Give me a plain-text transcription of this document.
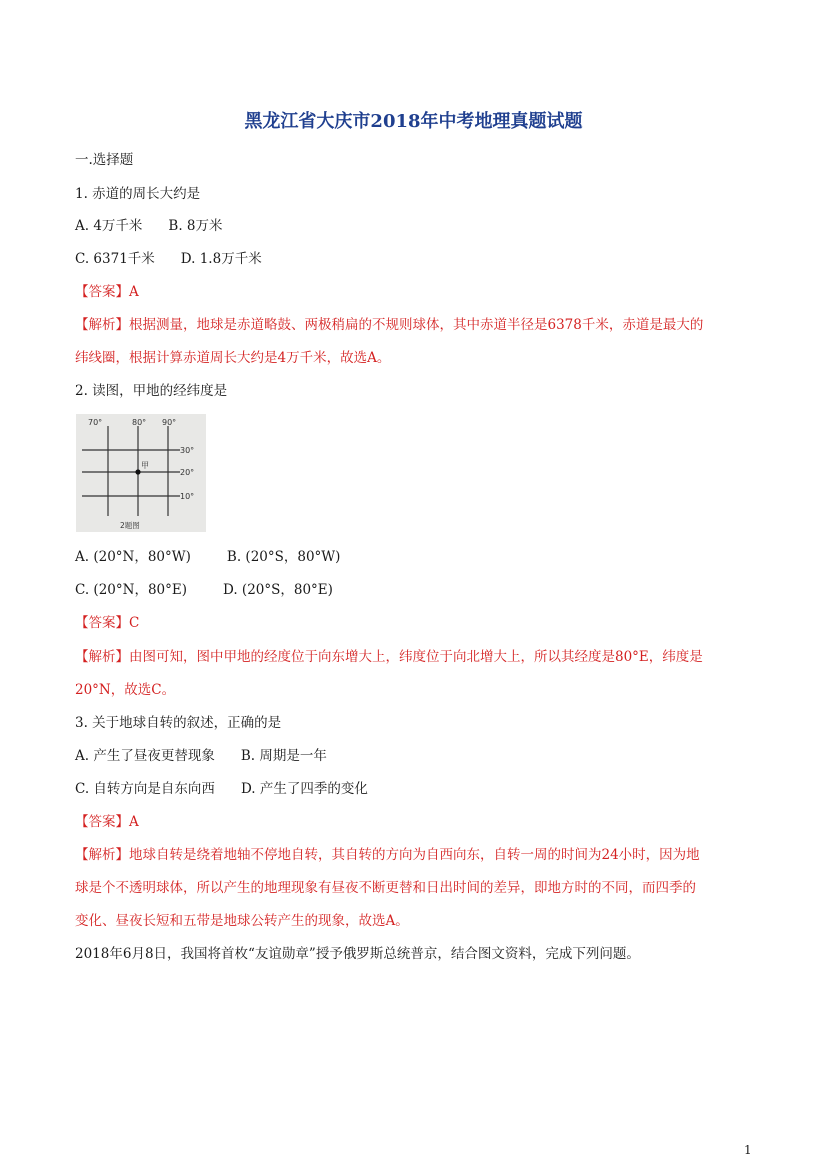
黑龙江省大庆市2018年中考地理真题试题
一.选择题
1. 赤道的周长大约是
A. 4万千米 B. 8万米
C. 6371千米 D. 1.8万千米
【答案】A
【解析】根据测量，地球是赤道略鼓、两极稍扁的不规则球体，其中赤道半径是6378千米，赤道是最大的
纬线圈，根据计算赤道周长大约是4万千米，故选A。
2. 读图，甲地的经纬度是
70°	80° 90°
30°
20°
10°
甲
2题图
A. (20°N，80°W)	B. (20°S，80°W)
C. (20°N，80°E)	D. (20°S，80°E)
【答案】C
【解析】由图可知，图中甲地的经度位于向东增大上，纬度位于向北增大上，所以其经度是80°E，纬度是
20°N，故选C。
3. 关于地球自转的叙述，正确的是
A. 产生了昼夜更替现象 B. 周期是一年
C. 自转方向是自东向西 D. 产生了四季的变化
【答案】A
【解析】地球自转是绕着地轴不停地自转，其自转的方向为自西向东，自转一周的时间为24小时，因为地
球是个不透明球体，所以产生的地理现象有昼夜不断更替和日出时间的差异，即地方时的不同，而四季的
变化、昼夜长短和五带是地球公转产生的现象，故选A。
2018年6月8日，我国将首枚“友谊勋章”授予俄罗斯总统普京，结合图文资料，完成下列问题。
1
